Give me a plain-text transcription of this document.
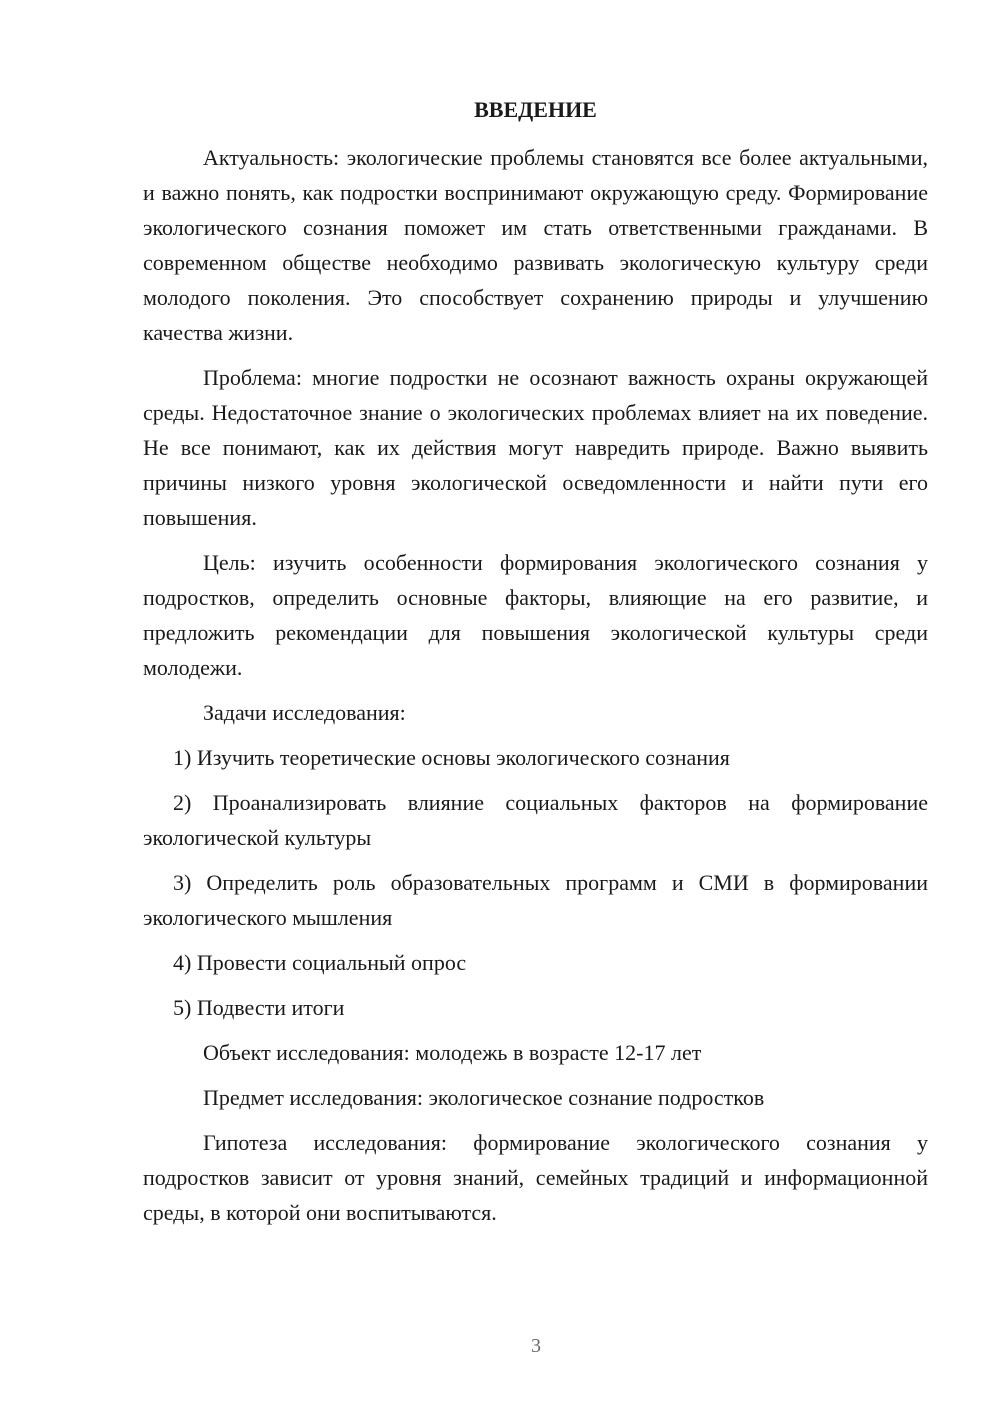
ВВЕДЕНИЕ

Актуальность: экологические проблемы становятся все более актуальными, и важно понять, как подростки воспринимают окружающую среду. Формирование экологического сознания поможет им стать ответственными гражданами. В современном обществе необходимо развивать экологическую культуру среди молодого поколения. Это способствует сохранению природы и улучшению качества жизни.

Проблема: многие подростки не осознают важность охраны окружающей среды. Недостаточное знание о экологических проблемах влияет на их поведение. Не все понимают, как их действия могут навредить природе. Важно выявить причины низкого уровня экологической осведомленности и найти пути его повышения.

Цель: изучить особенности формирования экологического сознания у подростков, определить основные факторы, влияющие на его развитие, и предложить рекомендации для повышения экологической культуры среди молодежи.

Задачи исследования:

1) Изучить теоретические основы экологического сознания

2) Проанализировать влияние социальных факторов на формирование экологической культуры

3) Определить роль образовательных программ и СМИ в формировании экологического мышления

4) Провести социальный опрос

5) Подвести итоги

Объект исследования: молодежь в возрасте 12-17 лет

Предмет исследования: экологическое сознание подростков

Гипотеза исследования: формирование экологического сознания у подростков зависит от уровня знаний, семейных традиций и информационной среды, в которой они воспитываются.

3
